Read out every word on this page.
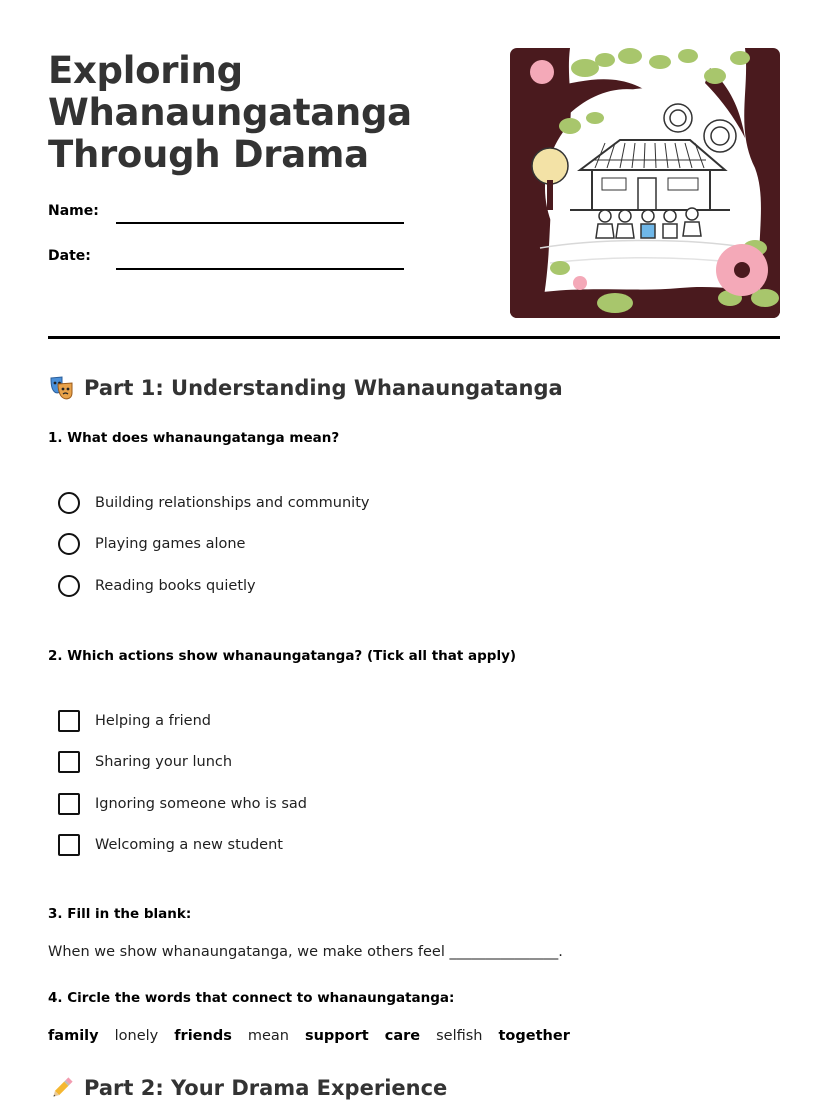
Exploring
Whanaungatanga
Through Drama
Name:
Date:
Part 1: Understanding Whanaungatanga
1. What does whanaungatanga mean?
Building relationships and community
Playing games alone
Reading books quietly
2. Which actions show whanaungatanga? (Tick all that apply)
Helping a friend
Sharing your lunch
Ignoring someone who is sad
Welcoming a new student
3. Fill in the blank:
When we show whanaungatanga, we make others feel _______________.
4. Circle the words that connect to whanaungatanga:
family lonely friends mean support care selfish together
Part 2: Your Drama Experience
